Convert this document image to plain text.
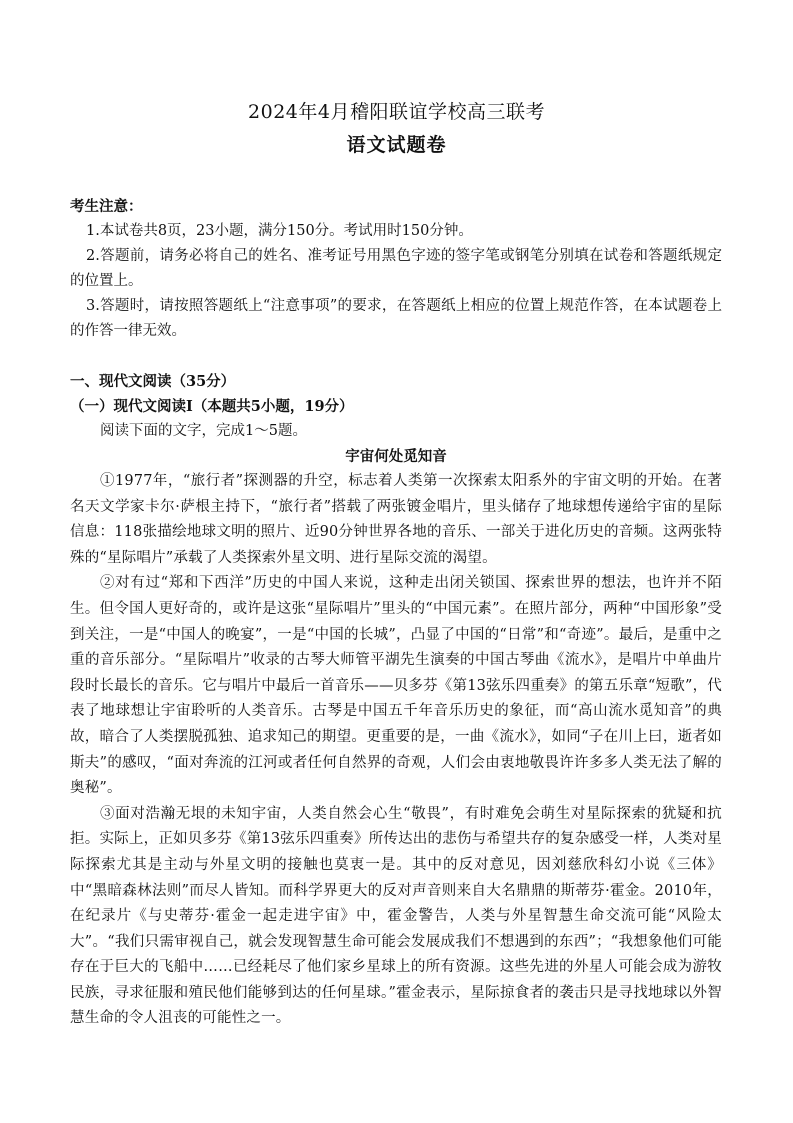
2024年4月稽阳联谊学校高三联考
语文试题卷
考生注意：

1.本试卷共8页，23小题，满分150分。考试用时150分钟。

2.答题前，请务必将自己的姓名、准考证号用黑色字迹的签字笔或钢笔分别填在试卷和答题纸规定的位置上。

3.答题时，请按照答题纸上“注意事项”的要求，在答题纸上相应的位置上规范作答，在本试题卷上的作答一律无效。

一、现代文阅读（35分）

（一）现代文阅读Ⅰ（本题共5小题，19分）

阅读下面的文字，完成1～5题。

宇宙何处觅知音

①1977年，“旅行者”探测器的升空，标志着人类第一次探索太阳系外的宇宙文明的开始。在著名天文学家卡尔·萨根主持下，“旅行者”搭载了两张镀金唱片，里头储存了地球想传递给宇宙的星际信息：118张描绘地球文明的照片、近90分钟世界各地的音乐、一部关于进化历史的音频。这两张特殊的“星际唱片”承载了人类探索外星文明、进行星际交流的渴望。

②对有过“郑和下西洋”历史的中国人来说，这种走出闭关锁国、探索世界的想法，也许并不陌生。但令国人更好奇的，或许是这张“星际唱片”里头的“中国元素”。在照片部分，两种“中国形象”受到关注，一是“中国人的晚宴”，一是“中国的长城”，凸显了中国的“日常”和“奇迹”。最后，是重中之重的音乐部分。“星际唱片”收录的古琴大师管平湖先生演奏的中国古琴曲《流水》，是唱片中单曲片段时长最长的音乐。它与唱片中最后一首音乐——贝多芬《第13弦乐四重奏》的第五乐章“短歌”，代表了地球想让宇宙聆听的人类音乐。古琴是中国五千年音乐历史的象征，而“高山流水觅知音”的典故，暗合了人类摆脱孤独、追求知己的期望。更重要的是，一曲《流水》，如同“子在川上曰，逝者如斯夫”的感叹，“面对奔流的江河或者任何自然界的奇观，人们会由衷地敬畏许许多多人类无法了解的奥秘”。

③面对浩瀚无垠的未知宇宙，人类自然会心生“敬畏”，有时难免会萌生对星际探索的犹疑和抗拒。实际上，正如贝多芬《第13弦乐四重奏》所传达出的悲伤与希望共存的复杂感受一样，人类对星际探索尤其是主动与外星文明的接触也莫衷一是。其中的反对意见，因刘慈欣科幻小说《三体》中“黑暗森林法则”而尽人皆知。而科学界更大的反对声音则来自大名鼎鼎的斯蒂芬·霍金。2010年，在纪录片《与史蒂芬·霍金一起走进宇宙》中，霍金警告，人类与外星智慧生命交流可能“风险太大”。“我们只需审视自己，就会发现智慧生命可能会发展成我们不想遇到的东西”；“我想象他们可能存在于巨大的飞船中……已经耗尽了他们家乡星球上的所有资源。这些先进的外星人可能会成为游牧民族，寻求征服和殖民他们能够到达的任何星球。”霍金表示，星际掠食者的袭击只是寻找地球以外智慧生命的令人沮丧的可能性之一。
